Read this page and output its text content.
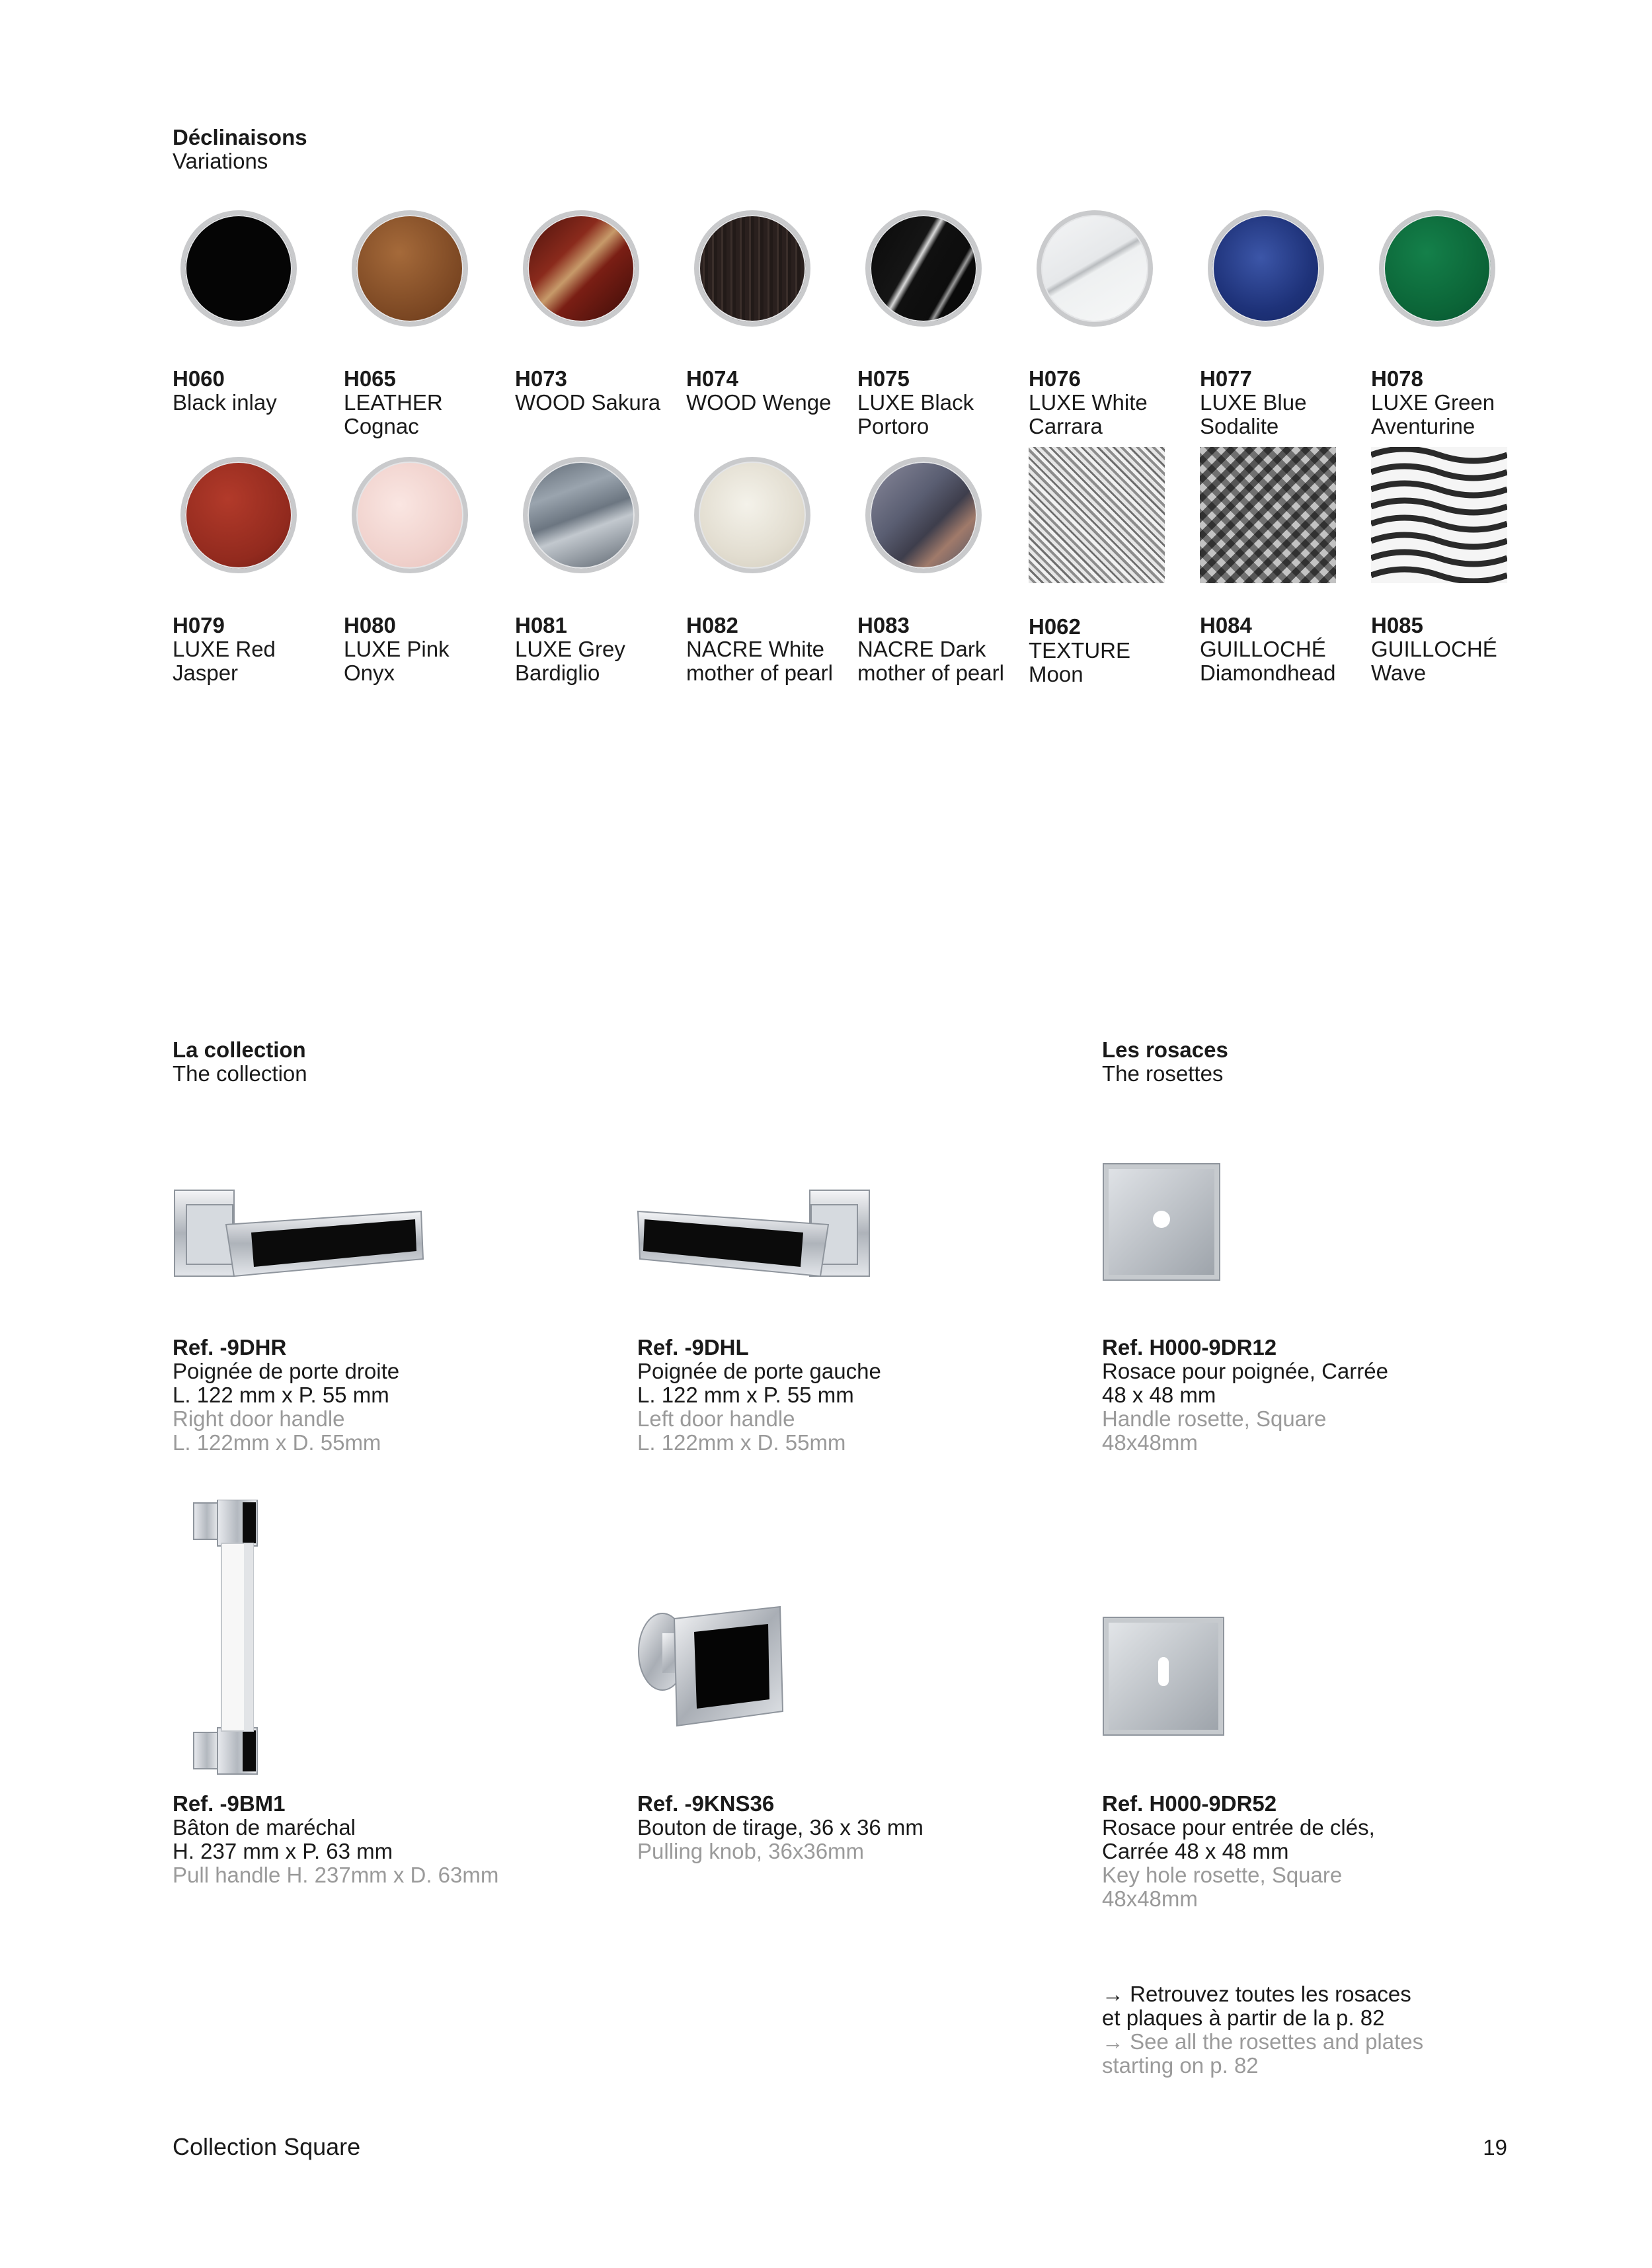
Déclinaisons
Variations
H060
Black inlay
H065
LEATHER Cognac
H073
WOOD Sakura
H074
WOOD Wenge
H075
LUXE Black Portoro
H076
LUXE White Carrara
H077
LUXE Blue Sodalite
H078
LUXE Green Aventurine
H079
LUXE Red Jasper
H080
LUXE Pink Onyx
H081
LUXE Grey Bardiglio
H082
NACRE White mother of pearl
H083
NACRE Dark mother of pearl
H062
TEXTURE Moon
H084
GUILLOCHÉ Diamondhead
H085
GUILLOCHÉ Wave
La collection
The collection
Les rosaces
The rosettes
Ref. -9DHR
Poignée de porte droite
L. 122 mm x P. 55 mm
Right door handle
L. 122mm x D. 55mm
Ref. -9DHL
Poignée de porte gauche
L. 122 mm x P. 55 mm
Left door handle
L. 122mm x D. 55mm
Ref. H000-9DR12
Rosace pour poignée, Carrée
48 x 48 mm
Handle rosette, Square
48x48mm
Ref. -9BM1
Bâton de maréchal
H. 237 mm x P. 63 mm
Pull handle H. 237mm x D. 63mm
Ref. -9KNS36
Bouton de tirage, 36 x 36 mm
Pulling knob, 36x36mm
Ref. H000-9DR52
Rosace pour entrée de clés,
Carrée 48 x 48 mm
Key hole rosette, Square
48x48mm
→ Retrouvez toutes les rosaces
et plaques à partir de la p. 82
→ See all the rosettes and plates
starting on p. 82
Collection Square	19
